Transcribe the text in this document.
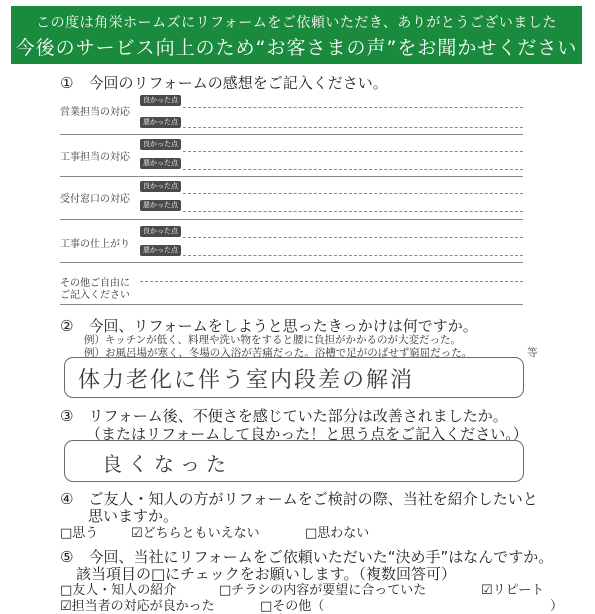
この度は角栄ホームズにリフォームをご依頼いただき、ありがとうございました
今後のサービス向上のため“お客さまの声”をお聞かせください
①　今回のリフォームの感想をご記入ください。
営業担当の対応
良かった点
悪かった点
工事担当の対応
良かった点
悪かった点
受付窓口の対応
良かった点
悪かった点
工事の仕上がり
良かった点
悪かった点
その他ご自由に
ご記入ください
②　今回、リフォームをしようと思ったきっかけは何ですか。
例）キッチンが低く、料理や洗い物をすると腰に負担がかかるのが大変だった。
例）お風呂場が寒く、冬場の入浴が苦痛だった。浴槽で足がのばせず窮屈だった。	等
体力老化に伴う室内段差の解消
③　リフォーム後、不便さを感じていた部分は改善されましたか。
（またはリフォームして良かった！と思う点をご記入ください。）
良くなった
④　ご友人・知人の方がリフォームをご検討の際、当社を紹介したいと
思いますか。
□思う	☑どちらともいえない	□思わない
⑤　今回、当社にリフォームをご依頼いただいた“決め手”はなんですか。
該当項目の□にチェックをお願いします。（複数回答可）
□友人・知人の紹介	□チラシの内容が要望に合っていた	☑リピート
☑担当者の対応が良かった	□その他（	）
